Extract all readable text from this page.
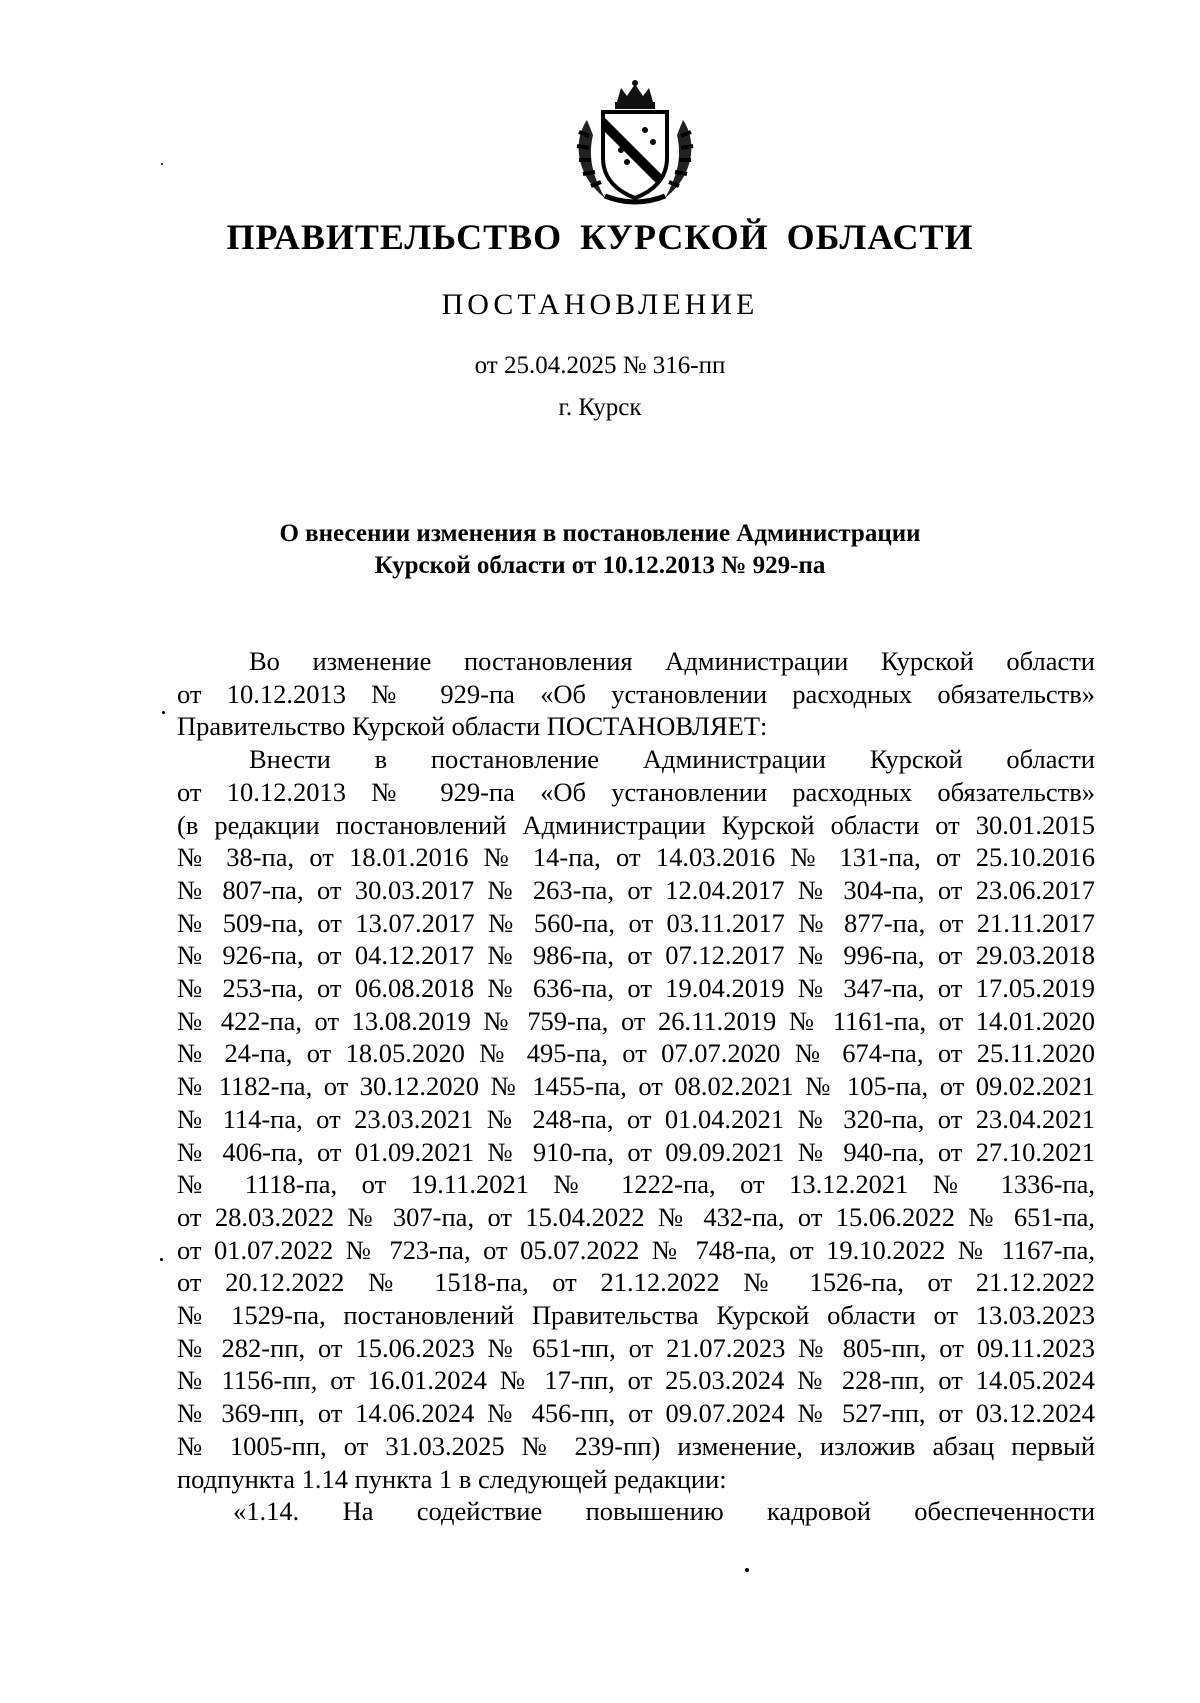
ПРАВИТЕЛЬСТВО КУРСКОЙ ОБЛАСТИ
ПОСТАНОВЛЕНИЕ
от 25.04.2025 № 316-пп
г. Курск
О внесении изменения в постановление Администрации
Курской области от 10.12.2013 № 929-па
Во изменение постановления Администрации Курской области
от 10.12.2013 № 929-па «Об установлении расходных обязательств»
Правительство Курской области ПОСТАНОВЛЯЕТ:
Внести в постановление Администрации Курской области
от 10.12.2013 № 929-па «Об установлении расходных обязательств»
(в редакции постановлений Администрации Курской области от 30.01.2015
№ 38-па, от 18.01.2016 № 14-па, от 14.03.2016 № 131-па, от 25.10.2016
№ 807-па, от 30.03.2017 № 263-па, от 12.04.2017 № 304-па, от 23.06.2017
№ 509-па, от 13.07.2017 № 560-па, от 03.11.2017 № 877-па, от 21.11.2017
№ 926-па, от 04.12.2017 № 986-па, от 07.12.2017 № 996-па, от 29.03.2018
№ 253-па, от 06.08.2018 № 636-па, от 19.04.2019 № 347-па, от 17.05.2019
№ 422-па, от 13.08.2019 № 759-па, от 26.11.2019 № 1161-па, от 14.01.2020
№ 24-па, от 18.05.2020 № 495-па, от 07.07.2020 № 674-па, от 25.11.2020
№ 1182-па, от 30.12.2020 № 1455-па, от 08.02.2021 № 105-па, от 09.02.2021
№ 114-па, от 23.03.2021 № 248-па, от 01.04.2021 № 320-па, от 23.04.2021
№ 406-па, от 01.09.2021 № 910-па, от 09.09.2021 № 940-па, от 27.10.2021
№ 1118-па, от 19.11.2021 № 1222-па, от 13.12.2021 № 1336-па,
от 28.03.2022 № 307-па, от 15.04.2022 № 432-па, от 15.06.2022 № 651-па,
от 01.07.2022 № 723-па, от 05.07.2022 № 748-па, от 19.10.2022 № 1167-па,
от 20.12.2022 № 1518-па, от 21.12.2022 № 1526-па, от 21.12.2022
№ 1529-па, постановлений Правительства Курской области от 13.03.2023
№ 282-пп, от 15.06.2023 № 651-пп, от 21.07.2023 № 805-пп, от 09.11.2023
№ 1156-пп, от 16.01.2024 № 17-пп, от 25.03.2024 № 228-пп, от 14.05.2024
№ 369-пп, от 14.06.2024 № 456-пп, от 09.07.2024 № 527-пп, от 03.12.2024
№ 1005-пп, от 31.03.2025 № 239-пп) изменение, изложив абзац первый
подпункта 1.14 пункта 1 в следующей редакции:
«1.14. На содействие повышению кадровой обеспеченности
